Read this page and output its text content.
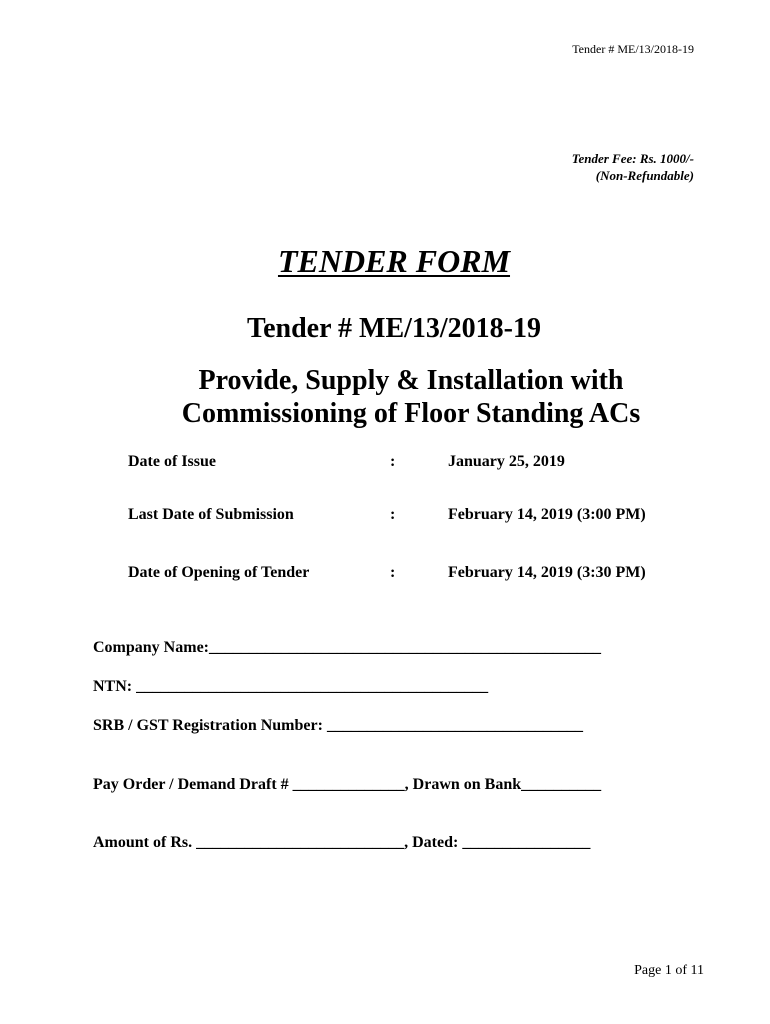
Tender # ME/13/2018-19
Tender Fee: Rs. 1000/-
(Non-Refundable)
TENDER FORM
Tender # ME/13/2018-19
Provide, Supply & Installation with
Commissioning of Floor Standing ACs
Date of Issue	:	January 25, 2019
Last Date of Submission	:	February 14, 2019 (3:00 PM)
Date of Opening of Tender	:	February 14, 2019 (3:30 PM)
Company Name:_________________________________________________
NTN: ____________________________________________
SRB / GST Registration Number: ________________________________
Pay Order / Demand Draft # ______________, Drawn on Bank__________
Amount of Rs. __________________________, Dated: ________________
Page 1 of 11
